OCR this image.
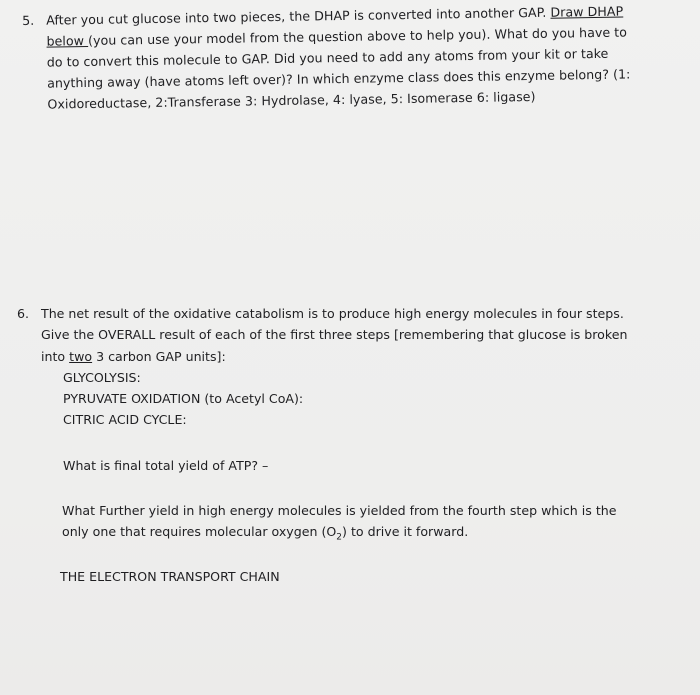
5. After you cut glucose into two pieces, the DHAP is converted into another GAP. Draw DHAP below (you can use your model from the question above to help you). What do you have to do to convert this molecule to GAP. Did you need to add any atoms from your kit or take anything away (have atoms left over)? In which enzyme class does this enzyme belong? (1: Oxidoreductase, 2:Transferase 3: Hydrolase, 4: lyase, 5: Isomerase 6: ligase)
6. The net result of the oxidative catabolism is to produce high energy molecules in four steps. Give the OVERALL result of each of the first three steps [remembering that glucose is broken into two 3 carbon GAP units]:
GLYCOLYSIS:
PYRUVATE OXIDATION (to Acetyl CoA):
CITRIC ACID CYCLE:
What is final total yield of ATP? –
What Further yield in high energy molecules is yielded from the fourth step which is the
only one that requires molecular oxygen $(O_2)$ to drive it forward.
THE ELECTRON TRANSPORT CHAIN
